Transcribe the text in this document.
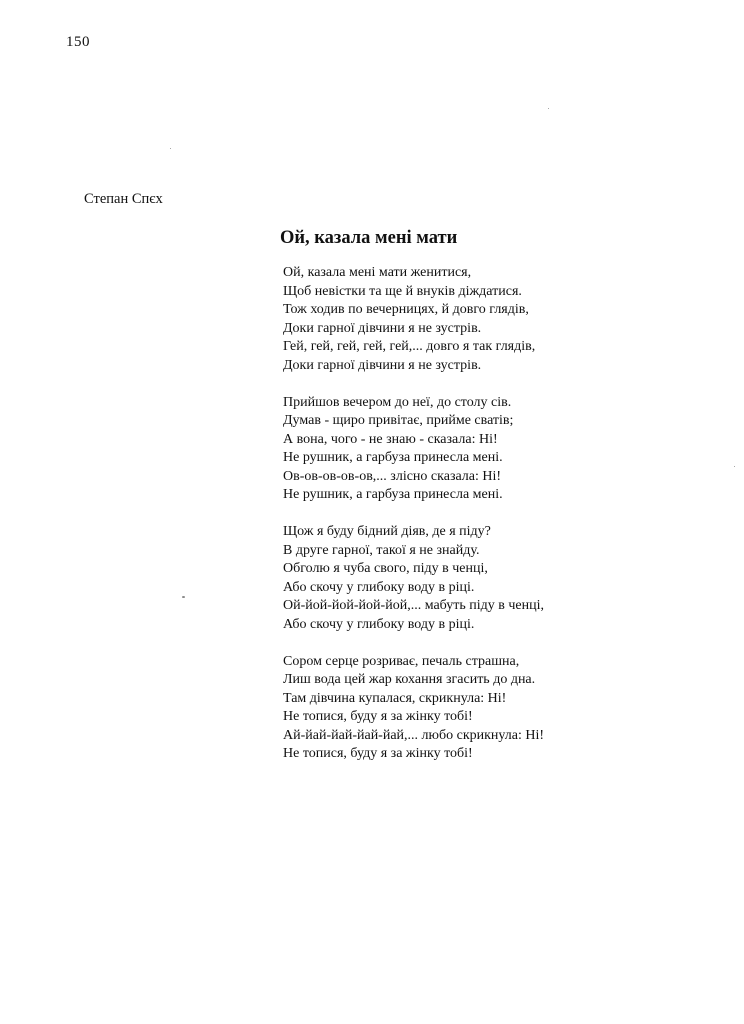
150
Степан Спєх
Ой, казала мені мати
Ой, казала мені мати женитися,
Щоб невістки та ще й внуків діждатися.
Тож ходив по вечерницях, й довго глядів,
Доки гарної дівчини я не зустрів.
Гей, гей, гей, гей, гей,... довго я так глядів,
Доки гарної дівчини я не зустрів.
Прийшов вечером до неї, до столу сів.
Думав - щиро привітає, прийме сватів;
А вона, чого - не знаю - сказала: Ні!
Не рушник, а гарбуза принесла мені.
Ов-ов-ов-ов-ов,... злісно сказала: Ні!
Не рушник, а гарбуза принесла мені.
Щож я буду бідний діяв, де я піду?
В друге гарної, такої я не знайду.
Обголю я чуба свого, піду в ченці,
Або скочу у глибоку воду в ріці.
Ой-йой-йой-йой-йой,... мабуть піду в ченці,
Або скочу у глибоку воду в ріці.
Сором серце розриває, печаль страшна,
Лиш вода цей жар кохання згасить до дна.
Там дівчина купалася, скрикнула: Ні!
Не топися, буду я за жінку тобі!
Ай-йай-йай-йай-йай,... любо скрикнула: Ні!
Не топися, буду я за жінку тобі!
